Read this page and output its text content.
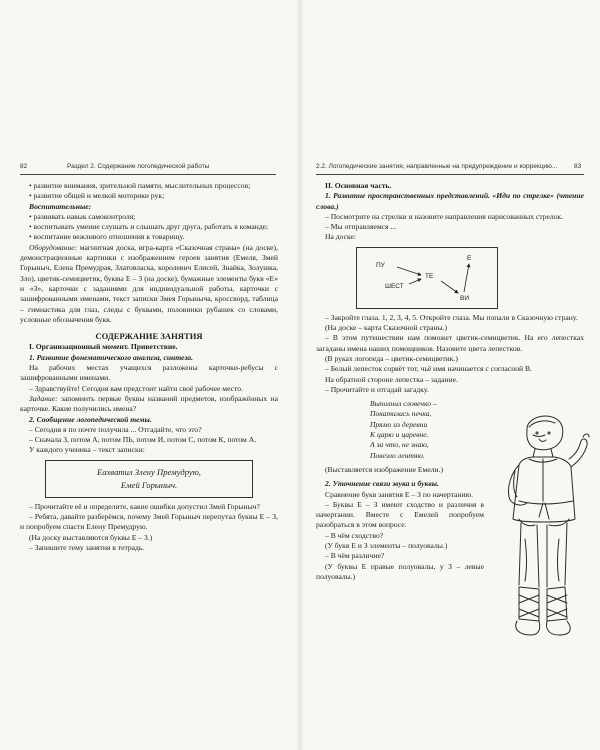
82	Раздел 2. Содержание логопедической работы

• развитие внимания, зрительной памяти, мыслительных процессов;

• развитие общей и мелкой моторики рук;

Воспитательные:

• развивать навык самоконтроля;

• воспитывать умение слушать и слышать друг друга, работать в команде;

• воспитание вежливого отношения к товарищу.

Оборудование: магнитная доска, игра-карта «Сказочная страна» (на доске), демонстрационные картинки с изображением героев занятия (Емеля, Змей Горыныч, Елена Премудрая, Златовласка, королевич Елисей, Знайка, Золушка, Зло), цветик-семицветик, буквы Е – З (на доске), бумажные элементы букв «Е» и «З», карточки с заданиями для индивидуальной работы, карточки с зашифрованными именами, текст записки Змея Горыныча, кроссворд, таблица – гимнастика для глаз, следы с буквами, половинки рубашек со словами, условные обозначения букв.

СОДЕРЖАНИЕ ЗАНЯТИЯ

I. Организационный момент. Приветствие.

1. Развитие фонематического анализа, синтеза.

На рабочих местах учащихся разложены карточки-ребусы с зашифрованными именами.

– Здравствуйте! Сегодня вам предстоит найти своё рабочее место.

Задание: запомнить первые буквы названий предметов, изображённых на карточке. Какие получились имена?

2. Сообщение логопедической темы.

– Сегодня я по почте получила ... Отгадайте, что это?

– Сначала З, потом А, потом ПЬ, потом И, потом С, потом К, потом А.

У каждого ученика – текст записки:

Еахватил Злену Премудрую,
Емей Горыныч.

– Прочитайте её и определите, какие ошибки допустил Змей Горыныч?

– Ребята, давайте разберёмся, почему Змей Горыныч перепутал буквы Е – З, и попробуем спасти Елену Премудрую.

(На доску выставляются буквы Е – З.)

– Запишите тему занятия в тетрадь.

2.2. Логопедические занятия, направленные на предупреждение и коррекцию...	83

II. Основная часть.

1. Развитие пространственных представлений. «Иди по стрелке» (чтение слова.)

– Посмотрите на стрелки и назовите направления нарисованных стрелок.

– Мы отправляемся ...

На доске:

ПУ
ТЕ
Е
ШЕСТ
ВИ

– Закройте глаза. 1, 2, 3, 4, 5. Откройте глаза. Мы попали в Сказочную страну.

(На доске – карта Сказочной страны.)

– В этом путешествии нам поможет цветик-семицветик. На его лепестках загаданы имена наших помощников. Назовите цвета лепестков.

(В руках логопеда – цветик-семицветик.)

– Белый лепесток сорвёт тот, чьё имя начинается с согласной В.

На обратной стороне лепестка – задание.

– Прочитайте и отгадай загадку.

Выполнил словечко –

Покатилась печка,

Прямо из деревни

К царю и царевне.

А за что, не знаю,

Повезло лентяю.

(Выставляется изображение Емели.)

2. Уточнение связи звука и буквы.

Сравнение букв занятия Е – З по начертанию.

– Буквы Е – З имеют сходство и различия в начертании. Вместе с Емелей попробуем разобраться в этом вопросе.

– В чём сходство?

(У букв Е и З элементы – полуовалы.)

– В чём различие?

(У буквы Е правые полуовалы, у З – левые полуовалы.)
